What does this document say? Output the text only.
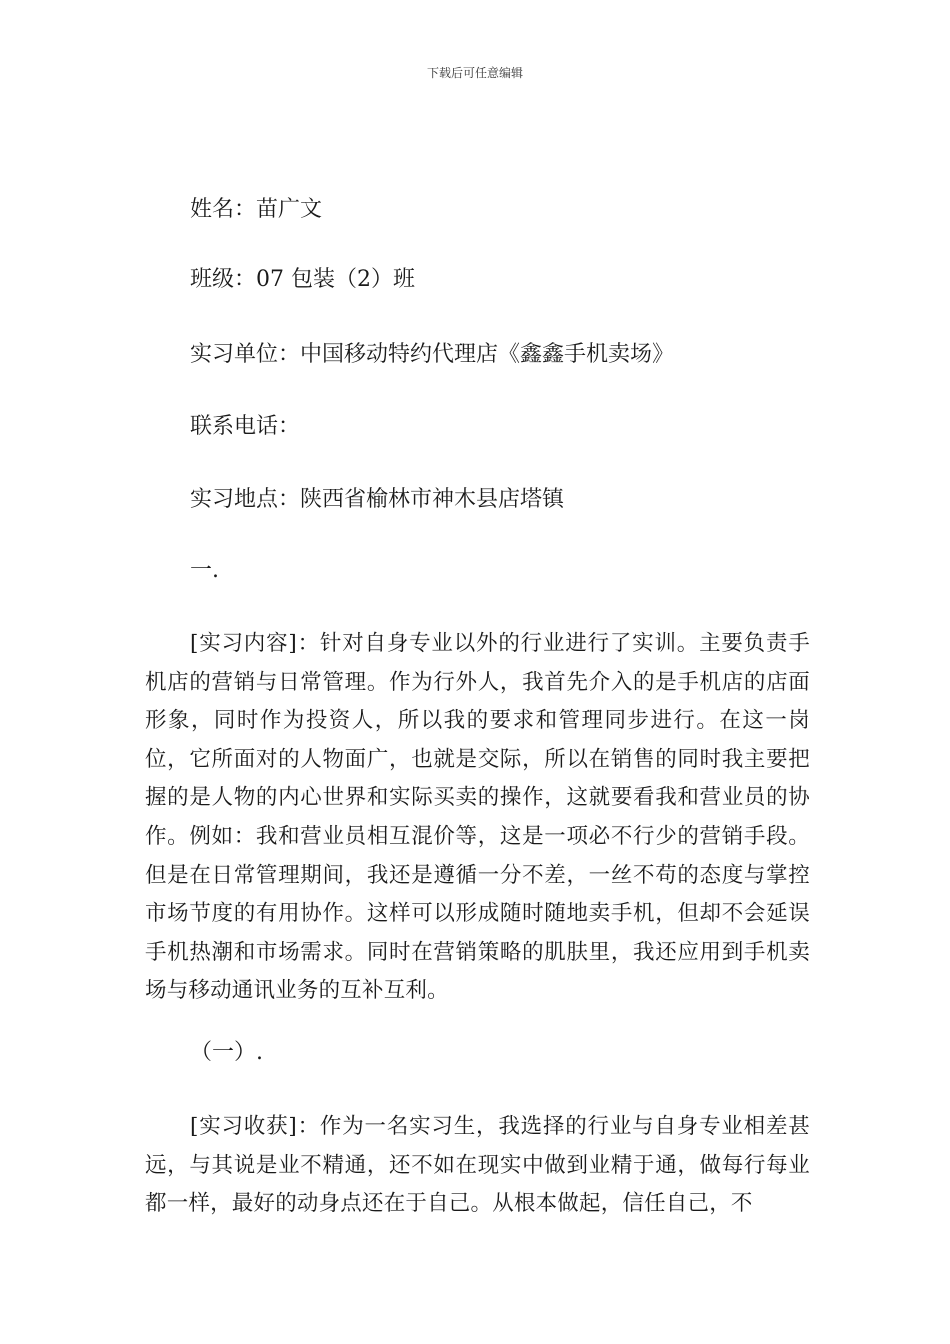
下载后可任意编辑
姓名：苗广文
班级：07 包装（2）班
实习单位：中国移动特约代理店《鑫鑫手机卖场》
联系电话：
实习地点：陕西省榆林市神木县店塔镇
一.
[实习内容]：针对自身专业以外的行业进行了实训。主要负责手机店的营销与日常管理。作为行外人，我首先介入的是手机店的店面形象，同时作为投资人，所以我的要求和管理同步进行。在这一岗位，它所面对的人物面广，也就是交际，所以在销售的同时我主要把握的是人物的内心世界和实际买卖的操作，这就要看我和营业员的协作。例如：我和营业员相互混价等，这是一项必不行少的营销手段。但是在日常管理期间，我还是遵循一分不差，一丝不苟的态度与掌控市场节度的有用协作。这样可以形成随时随地卖手机，但却不会延误手机热潮和市场需求。同时在营销策略的肌肤里，我还应用到手机卖场与移动通讯业务的互补互利。
（一）.
[实习收获]：作为一名实习生，我选择的行业与自身专业相差甚远，与其说是业不精通，还不如在现实中做到业精于通，做每行每业都一样，最好的动身点还在于自己。从根本做起，信任自己，不
